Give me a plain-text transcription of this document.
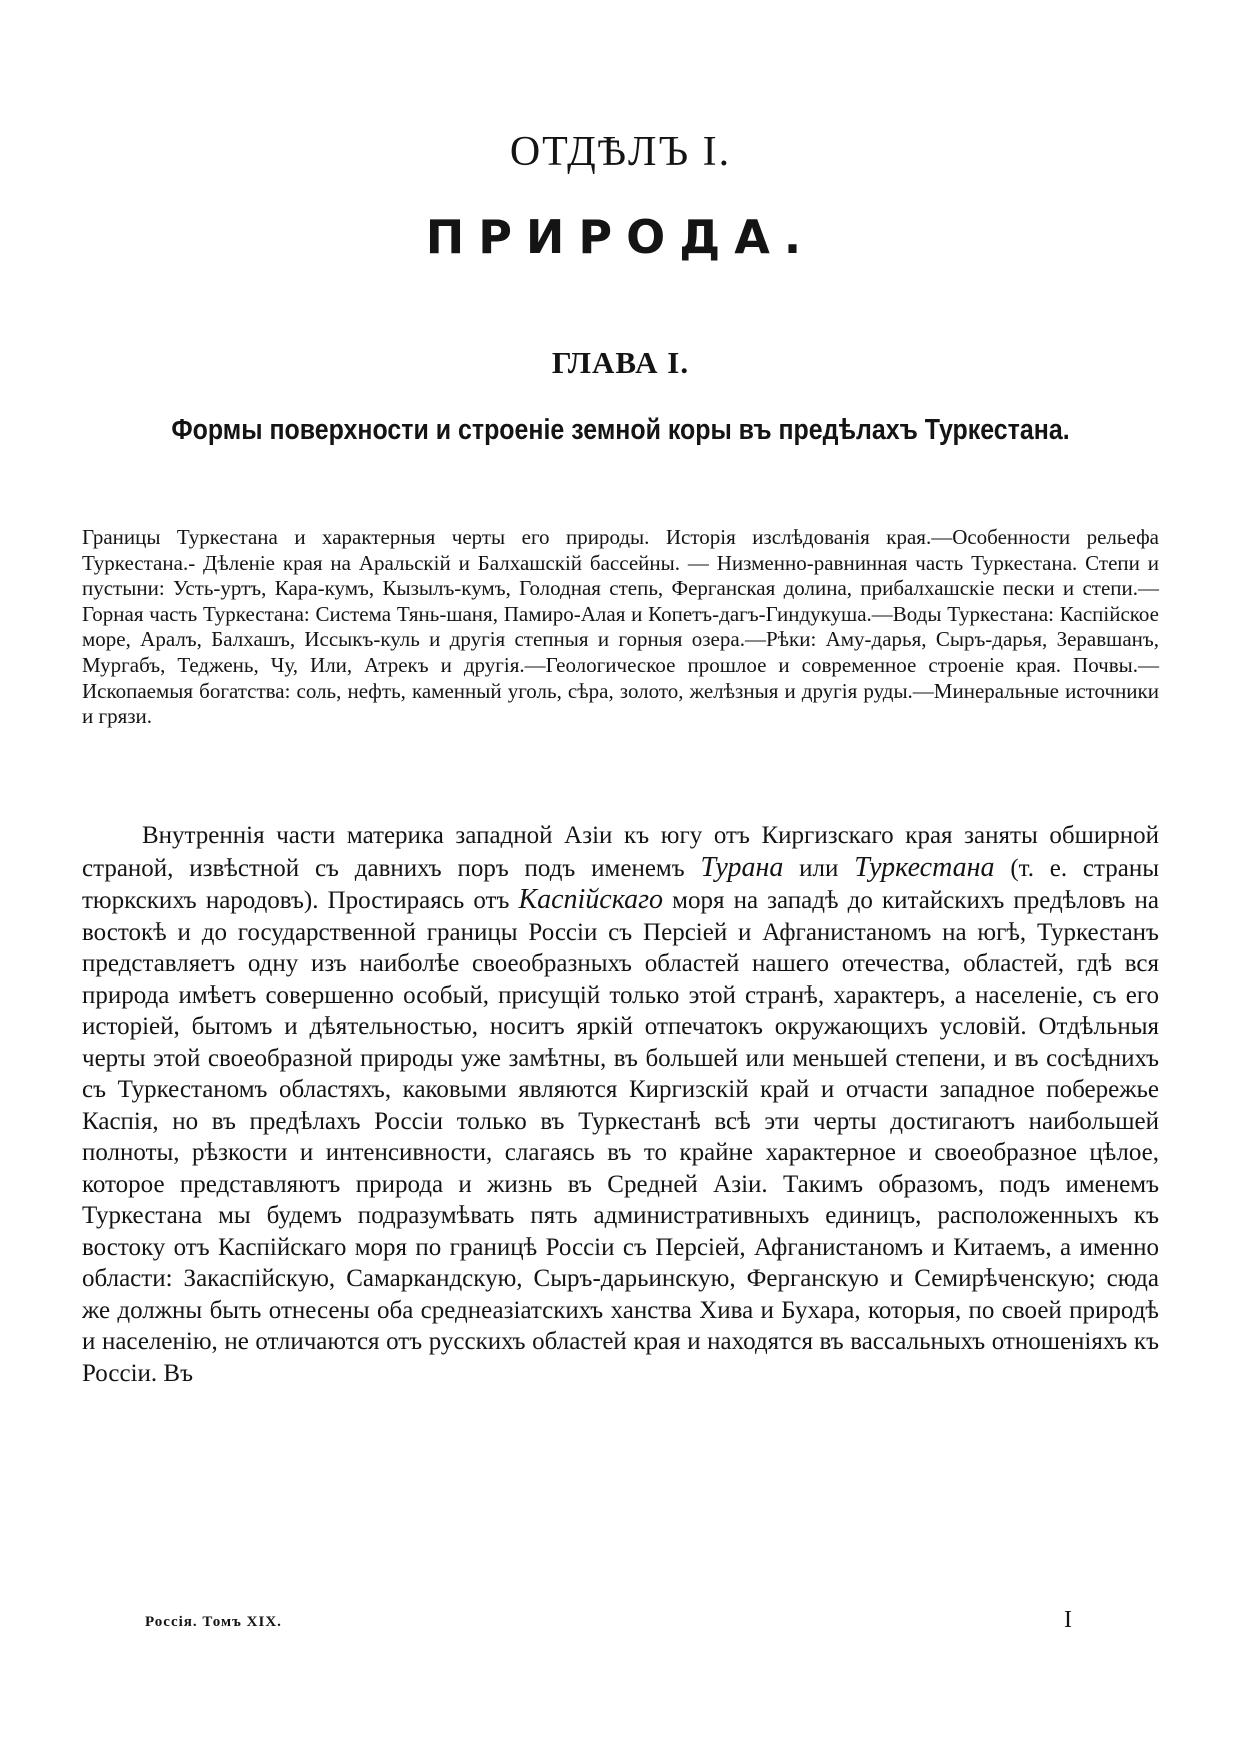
ОТДѢЛЪ I.
ПРИРОДА.
ГЛАВА I.
Формы поверхности и строеніе земной коры въ предѣлахъ Туркестана.

Границы Туркестана и характерныя черты его природы. Исторія изслѣдованія края.—Особенности рельефа Туркестана.- Дѣленіе края на Аральскій и Балхашскій бассейны. — Низменно-равнинная часть Туркестана. Степи и пустыни: Усть-уртъ, Кара-кумъ, Кызылъ-кумъ, Голодная степь, Ферганская долина, прибалхашскіе пески и степи.—Горная часть Туркестана: Система Тянь-шаня, Памиро-Алая и Копетъ-дагъ-Гиндукуша.—Воды Туркестана: Каспійское море, Аралъ, Балхашъ, Иссыкъ-куль и другія степныя и горныя озера.—Рѣки: Аму-дарья, Сыръ-дарья, Зеравшанъ, Мургабъ, Теджень, Чу, Или, Атрекъ и другія.—Геологическое прошлое и современное строеніе края. Почвы.—Ископаемыя богатства: соль, нефть, каменный уголь, сѣра, золото, желѣзныя и другія руды.—Минеральные источники и грязи.

Внутреннія части материка западной Азіи къ югу отъ Киргизскаго края заняты обширной страной, извѣстной съ давнихъ поръ подъ именемъ Турана или Туркестана (т. е. страны тюркскихъ народовъ). Простираясь отъ Каспійскаго моря на западѣ до китайскихъ предѣловъ на востокѣ и до государственной границы Россіи съ Персіей и Афганистаномъ на югѣ, Туркестанъ представляетъ одну изъ наиболѣе своеобразныхъ областей нашего отечества, областей, гдѣ вся природа имѣетъ совершенно особый, присущій только этой странѣ, характеръ, а населеніе, съ его исторіей, бытомъ и дѣятельностью, носитъ яркій отпечатокъ окружающихъ условій. Отдѣльныя черты этой своеобразной природы уже замѣтны, въ большей или меньшей степени, и въ сосѣднихъ съ Туркестаномъ областяхъ, каковыми являются Киргизскій край и отчасти западное побережье Каспія, но въ предѣлахъ Россіи только въ Туркестанѣ всѣ эти черты достигаютъ наибольшей полноты, рѣзкости и интенсивности, слагаясь въ то крайне характерное и своеобразное цѣлое, которое представляютъ природа и жизнь въ Средней Азіи. Такимъ образомъ, подъ именемъ Туркестана мы будемъ подразумѣвать пять административныхъ единицъ, расположенныхъ къ востоку отъ Каспійскаго моря по границѣ Россіи съ Персіей, Афганистаномъ и Китаемъ, а именно области: Закаспійскую, Самаркандскую, Сыръ-дарьинскую, Ферганскую и Семирѣченскую; сюда же должны быть отнесены оба среднеазіатскихъ ханства Хива и Бухара, которыя, по своей природѣ и населенію, не отличаются отъ русскихъ областей края и находятся въ вассальныхъ отношеніяхъ къ Россіи. Въ

Россія. Томъ XIX.	I
